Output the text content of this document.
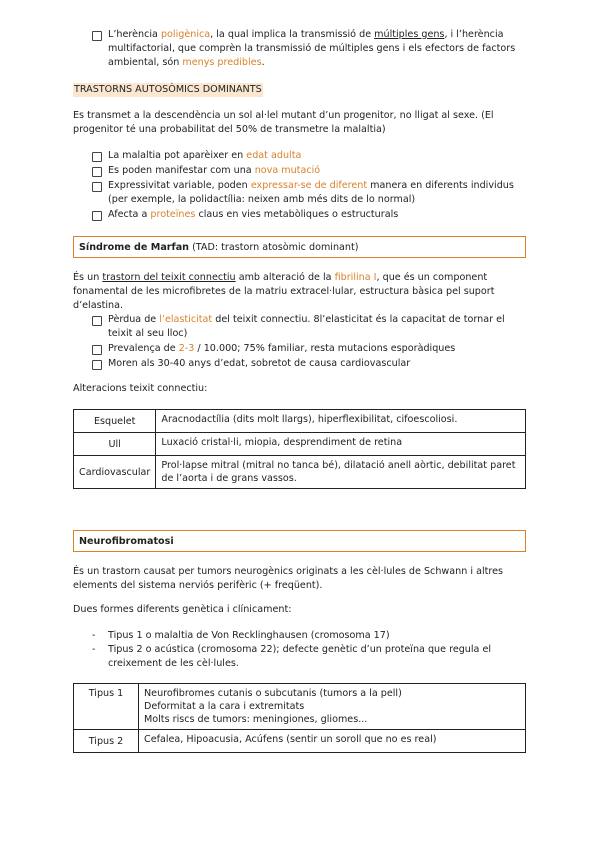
L’herència poligènica, la qual implica la transmissió de múltiples gens, i l’herència multifactorial, que comprèn la transmissió de múltiples gens i els efectors de factors ambiental, són menys predibles.
TRASTORNS AUTOSÒMICS DOMINANTS
Es transmet a la descendència un sol al·lel mutant d’un progenitor, no lligat al sexe. (El progenitor té una probabilitat del 50% de transmetre la malaltia)
La malaltia pot aparèixer en edat adulta
Es poden manifestar com una nova mutació
Expressivitat variable, poden expressar-se de diferent manera en diferents individus (per exemple, la polidactília: neixen amb més dits de lo normal)
Afecta a proteïnes claus en vies metabòliques o estructurals
Síndrome de Marfan (TAD: trastorn atosòmic dominant)
És un trastorn del teixit connectiu amb alteració de la fibrilina I, que és un component fonamental de les microfibretes de la matriu extracel·lular, estructura bàsica pel suport d’elastina.
Pèrdua de l’elasticitat del teixit connectiu. 8l’elasticitat és la capacitat de tornar el teixit al seu lloc)
Prevalença de 2-3 / 10.000; 75% familiar, resta mutacions esporàdiques
Moren als 30-40 anys d’edat, sobretot de causa cardiovascular
Alteracions teixit connectiu:
Esquelet	Aracnodactília (dits molt llargs), hiperflexibilitat, cifoescoliosi.
Ull	Luxació cristal·li, miopia, desprendiment de retina
Cardiovascular	Prol·lapse mitral (mitral no tanca bé), dilatació anell aòrtic, debilitat paret de l’aorta i de grans vassos.
Neurofibromatosi
És un trastorn causat per tumors neurogènics originats a les cèl·lules de Schwann i altres elements del sistema nerviós perifèric (+ freqüent).
Dues formes diferents genètica i clínicament:
- Tipus 1 o malaltia de Von Recklinghausen (cromosoma 17)
- Tipus 2 o acústica (cromosoma 22); defecte genètic d’un proteïna que regula el creixement de les cèl·lules.
Tipus 1	Neurofibromes cutanis o subcutanis (tumors a la pell)
Deformitat a la cara i extremitats
Molts riscs de tumors: meningiones, gliomes...

Tipus 2	Cefalea, Hipoacusia, Acúfens (sentir un soroll que no es real)
